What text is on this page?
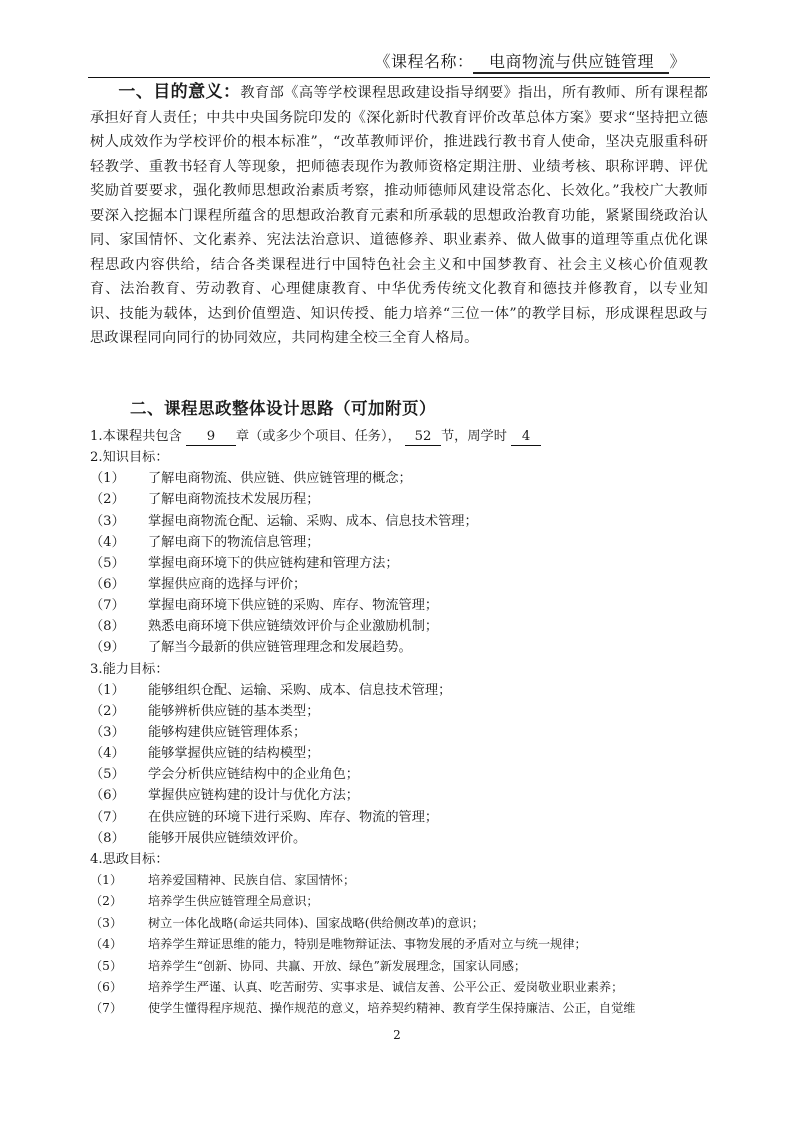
《课程名称： 电商物流与供应链管理 》
一、目的意义：教育部《高等学校课程思政建设指导纲要》指出，所有教师、所有课程都承担好育人责任；中共中央国务院印发的《深化新时代教育评价改革总体方案》要求“坚持把立德树人成效作为学校评价的根本标准”，“改革教师评价，推进践行教书育人使命，坚决克服重科研轻教学、重教书轻育人等现象，把师德表现作为教师资格定期注册、业绩考核、职称评聘、评优奖励首要要求，强化教师思想政治素质考察，推动师德师风建设常态化、长效化。”我校广大教师要深入挖掘本门课程所蕴含的思想政治教育元素和所承载的思想政治教育功能，紧紧围绕政治认同、家国情怀、文化素养、宪法法治意识、道德修养、职业素养、做人做事的道理等重点优化课程思政内容供给，结合各类课程进行中国特色社会主义和中国梦教育、社会主义核心价值观教育、法治教育、劳动教育、心理健康教育、中华优秀传统文化教育和德技并修教育，以专业知识、技能为载体，达到价值塑造、知识传授、能力培养“三位一体”的教学目标，形成课程思政与思政课程同向同行的协同效应，共同构建全校三全育人格局。
二、课程思政整体设计思路（可加附页）
1.本课程共包含 9 章（或多少个项目、任务）， 52 节，周学时 4
2.知识目标：
（1） 了解电商物流、供应链、供应链管理的概念；
（2） 了解电商物流技术发展历程；
（3） 掌握电商物流仓配、运输、采购、成本、信息技术管理；
（4） 了解电商下的物流信息管理；
（5） 掌握电商环境下的供应链构建和管理方法；
（6） 掌握供应商的选择与评价；
（7） 掌握电商环境下供应链的采购、库存、物流管理；
（8） 熟悉电商环境下供应链绩效评价与企业激励机制；
（9） 了解当今最新的供应链管理理念和发展趋势。
3.能力目标：
（1） 能够组织仓配、运输、采购、成本、信息技术管理；
（2） 能够辨析供应链的基本类型；
（3） 能够构建供应链管理体系；
（4） 能够掌握供应链的结构模型；
（5） 学会分析供应链结构中的企业角色；
（6） 掌握供应链构建的设计与优化方法；
（7） 在供应链的环境下进行采购、库存、物流的管理；
（8） 能够开展供应链绩效评价。
4.思政目标：
（1） 培养爱国精神、民族自信、家国情怀；
（2） 培养学生供应链管理全局意识；
（3） 树立一体化战略(命运共同体)、国家战略(供给侧改革)的意识；
（4） 培养学生辩证思维的能力，特别是唯物辩证法、事物发展的矛盾对立与统一规律；
（5） 培养学生“创新、协同、共赢、开放、绿色”新发展理念，国家认同感；
（6） 培养学生严谨、认真、吃苦耐劳、实事求是、诚信友善、公平公正、爱岗敬业职业素养；
（7） 使学生懂得程序规范、操作规范的意义，培养契约精神、教育学生保持廉洁、公正，自觉维
2
